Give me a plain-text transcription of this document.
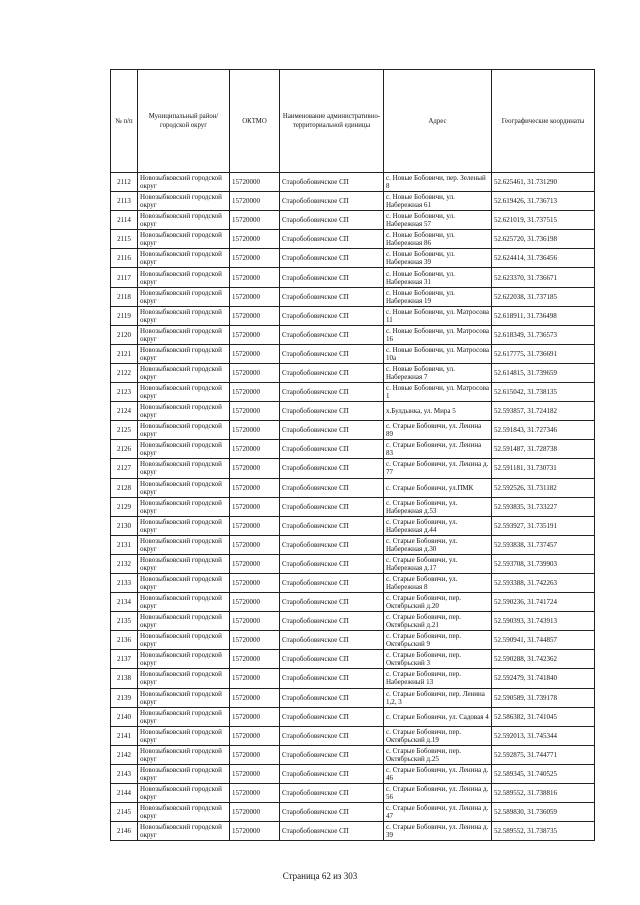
№ п/п	Муниципальный район/городской округ	ОКТМО	Наименование административно-территориальной единицы	Адрес	Географические координаты
2112	Новозыбковский городской округ	15720000	Старобобовичское СП	с. Новые Бобовичи, пер. Зеленый 8	52.625461, 31.731290
2113	Новозыбковский городской округ	15720000	Старобобовичское СП	с. Новые Бобовичи, ул. Набережная 61	52.619426, 31.736713
2114	Новозыбковский городской округ	15720000	Старобобовичское СП	с. Новые Бобовичи, ул. Набережная 57	52.621019, 31.737515
2115	Новозыбковский городской округ	15720000	Старобобовичское СП	с. Новые Бобовичи, ул. Набережная 86	52.625720, 31.736198
2116	Новозыбковский городской округ	15720000	Старобобовичское СП	с. Новые Бобовичи, ул. Набережная 39	52.624414, 31.736456
2117	Новозыбковский городской округ	15720000	Старобобовичское СП	с. Новые Бобовичи, ул. Набережная 31	52.623370, 31.736671
2118	Новозыбковский городской округ	15720000	Старобобовичское СП	с. Новые Бобовичи, ул. Набережная 19	52.622038, 31.737185
2119	Новозыбковский городской округ	15720000	Старобобовичское СП	с. Новые Бобовичи, ул. Матросова 11	52.618911, 31.736498
2120	Новозыбковский городской округ	15720000	Старобобовичское СП	с. Новые Бобовичи, ул. Матросова 16	52.618349, 31.736573
2121	Новозыбковский городской округ	15720000	Старобобовичское СП	с. Новые Бобовичи, ул. Матросова 10а	52.617775, 31.736691
2122	Новозыбковский городской округ	15720000	Старобобовичское СП	с. Новые Бобовичи, ул. Набережная 7	52.614815, 31.739659
2123	Новозыбковский городской округ	15720000	Старобобовичское СП	с. Новые Бобовичи, ул. Матросова 1	52.615042, 31.738135
2124	Новозыбковский городской округ	15720000	Старобобовичское СП	х.Булдынка, ул. Мира 5	52.593857, 31.724182
2125	Новозыбковский городской округ	15720000	Старобобовичское СП	с. Старые Бобовичи, ул. Ленина 89	52.591843, 31.727346
2126	Новозыбковский городской округ	15720000	Старобобовичское СП	с. Старые Бобовичи, ул. Ленина 83	52.591487, 31.728738
2127	Новозыбковский городской округ	15720000	Старобобовичское СП	с. Старые Бобовичи, ул. Ленина д. 77	52.591181, 31.730731
2128	Новозыбковский городской округ	15720000	Старобобовичское СП	с. Старые Бобовичи, ул.ПМК	52.592526, 31.731182
2129	Новозыбковский городской округ	15720000	Старобобовичское СП	с. Старые Бобовичи, ул. Набережная д.53	52.593835, 31.733227
2130	Новозыбковский городской округ	15720000	Старобобовичское СП	с. Старые Бобовичи, ул. Набережная д.44	52.593927, 31.735191
2131	Новозыбковский городской округ	15720000	Старобобовичское СП	с. Старые Бобовичи, ул. Набережная д.30	52.593838, 31.737457
2132	Новозыбковский городской округ	15720000	Старобобовичское СП	с. Старые Бобовичи, ул. Набережная д.17	52.593708, 31.739903
2133	Новозыбковский городской округ	15720000	Старобобовичское СП	с. Старые Бобовичи, ул. Набережная 8	52.593388, 31.742263
2134	Новозыбковский городской округ	15720000	Старобобовичское СП	с. Старые Бобовичи, пер. Октябрьский д.20	52.590236, 31.741724
2135	Новозыбковский городской округ	15720000	Старобобовичское СП	с. Старые Бобовичи, пер. Октябрьский д.21	52.590393, 31.743913
2136	Новозыбковский городской округ	15720000	Старобобовичское СП	с. Старые Бобовичи, пер. Октябрьский 9	52.590941, 31.744857
2137	Новозыбковский городской округ	15720000	Старобобовичское СП	с. Старые Бобовичи, пер. Октябрьский 3	52.590288, 31.742362
2138	Новозыбковский городской округ	15720000	Старобобовичское СП	с. Старые Бобовичи, пер. Набережный 13	52.592479, 31.741840
2139	Новозыбковский городской округ	15720000	Старобобовичское СП	с. Старые Бобовичи, пер. Ленина 1,2, 3	52.590589, 31.739178
2140	Новозыбковский городской округ	15720000	Старобобовичское СП	с. Старые Бобовичи, ул. Садовая 4	52.586382, 31.741045
2141	Новозыбковский городской округ	15720000	Старобобовичское СП	с. Старые Бобовичи, пер. Октябрьский д.19	52.592013, 31.745344
2142	Новозыбковский городской округ	15720000	Старобобовичское СП	с. Старые Бобовичи, пер. Октябрьский д.25	52.592875, 31.744771
2143	Новозыбковский городской округ	15720000	Старобобовичское СП	с. Старые Бобовичи, ул. Ленина д. 46	52.589345, 31.740525
2144	Новозыбковский городской округ	15720000	Старобобовичское СП	с. Старые Бобовичи, ул. Ленина д. 56	52.589552, 31.738816
2145	Новозыбковский городской округ	15720000	Старобобовичское СП	с. Старые Бобовичи, ул. Ленина д. 47	52.589830, 31.736059
2146	Новозыбковский городской округ	15720000	Старобобовичское СП	с. Старые Бобовичи, ул. Ленина д. 39	52.589552, 31.738735
Страница 62 из 303
